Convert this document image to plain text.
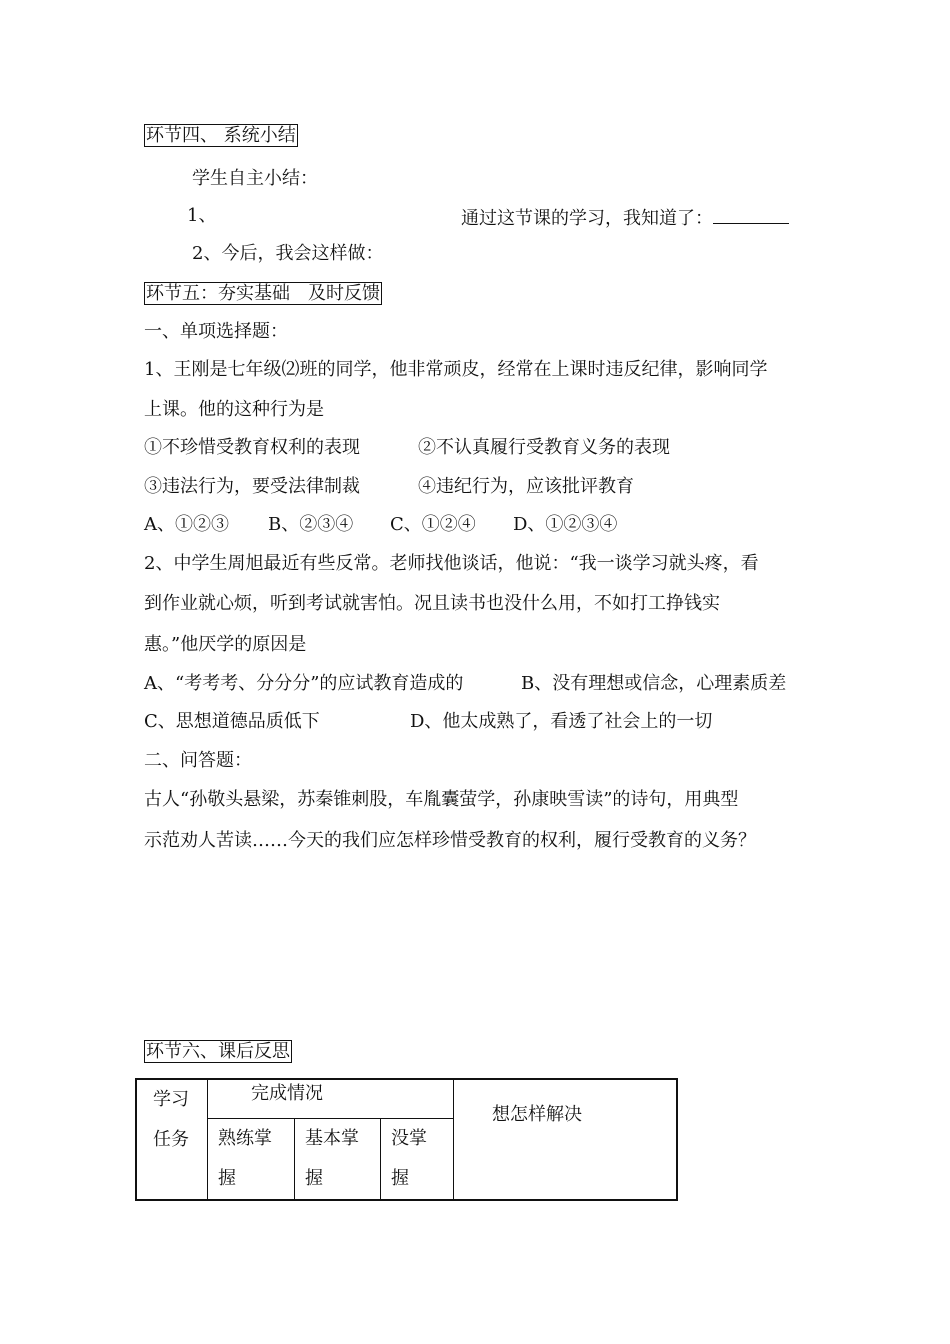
环节四、 系统小结
学生自主小结：
1、	通过这节课的学习，我知道了：
2、今后，我会这样做：
环节五：夯实基础　及时反馈
一、单项选择题：
1、王刚是七年级⑵班的同学，他非常顽皮，经常在上课时违反纪律，影响同学
上课。他的这种行为是
①不珍惜受教育权利的表现	②不认真履行受教育义务的表现
③违法行为，要受法律制裁	④违纪行为，应该批评教育
A、①②③ B、②③④ C、①②④ D、①②③④
2、中学生周旭最近有些反常。老师找他谈话，他说：“我一谈学习就头疼，看
到作业就心烦，听到考试就害怕。况且读书也没什么用，不如打工挣钱实
惠。”他厌学的原因是
A、“考考考、分分分”的应试教育造成的	B、没有理想或信念，心理素质差
C、思想道德品质低下	D、他太成熟了，看透了社会上的一切
二、问答题：
古人“孙敬头悬梁，苏秦锥刺股，车胤囊萤学，孙康映雪读”的诗句，用典型
示范劝人苦读……今天的我们应怎样珍惜受教育的权利，履行受教育的义务？
环节六、课后反思
学习
任务	完成情况			想怎样解决

	熟练掌
握	基本掌
握	没掌
握	
